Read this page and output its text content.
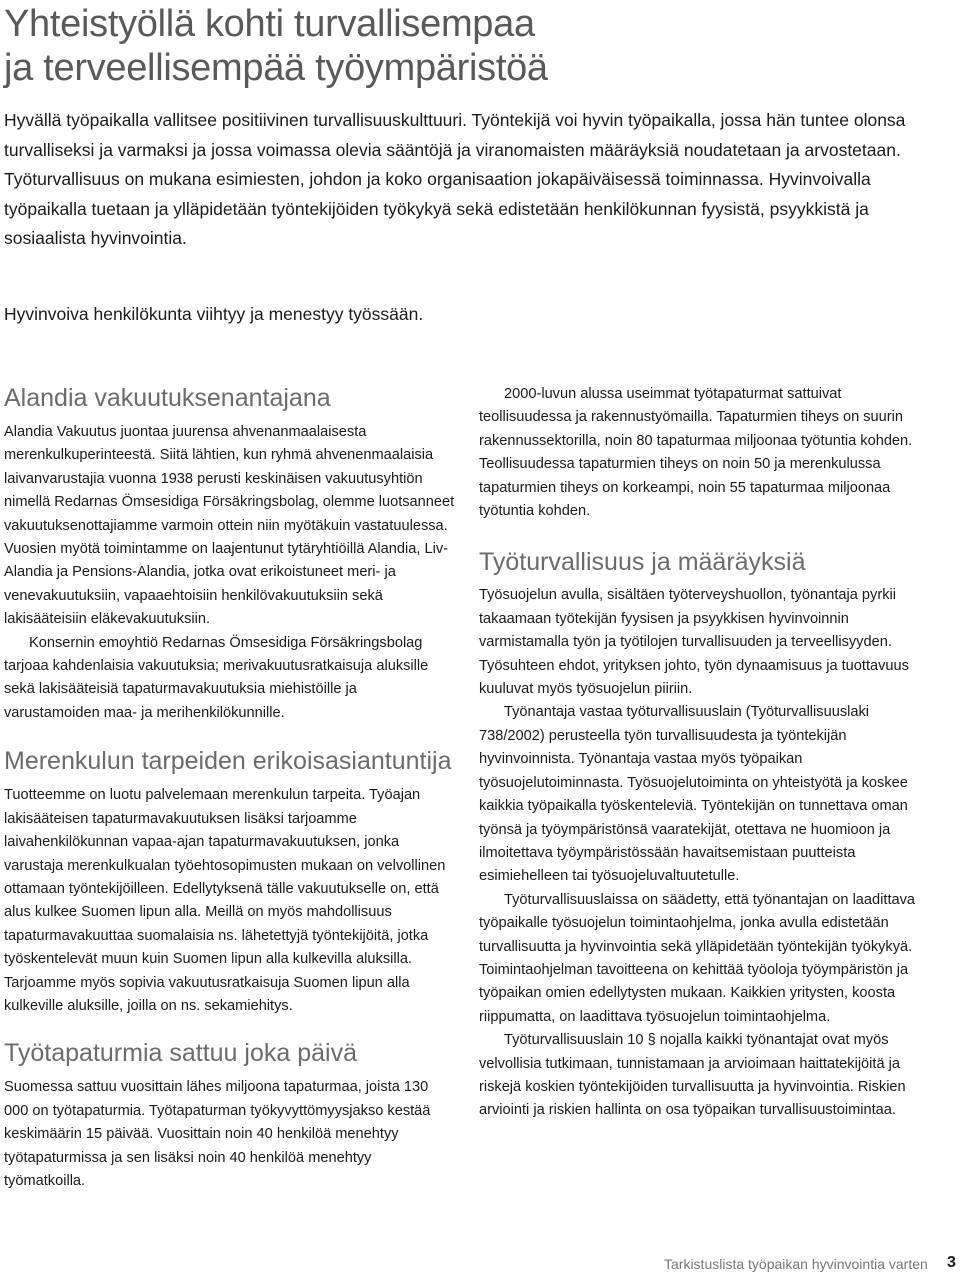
Yhteistyöllä kohti turvallisempaa
ja terveellisempää työympäristöä

Hyvällä työpaikalla vallitsee positiivinen turvallisuuskulttuuri. Työntekijä voi hyvin työpaikalla, jossa hän tuntee olonsa turvalliseksi ja varmaksi ja jossa voimassa olevia sääntöjä ja viranomaisten määräyksiä noudatetaan ja arvostetaan. Työturvallisuus on mukana esimiesten, johdon ja koko organisaation jokapäiväisessä toiminnassa. Hyvinvoivalla työpaikalla tuetaan ja ylläpidetään työntekijöiden työkykyä sekä edistetään henkilökunnan fyysistä, psyykkistä ja sosiaalista hyvinvointia.

Hyvinvoiva henkilökunta viihtyy ja menestyy työssään.

Alandia vakuutuksenantajana

Alandia Vakuutus juontaa juurensa ahvenanmaalaisesta merenkulkuperinteestä. Siitä lähtien, kun ryhmä ahvenenmaalaisia laivanvarustajia vuonna 1938 perusti keskinäisen vakuutusyhtiön nimellä Redarnas Ömsesidiga Försäkringsbolag, olemme luotsanneet vakuutuksenottajiamme varmoin ottein niin myötäkuin vastatuulessa. Vuosien myötä toimintamme on laajentunut tytäryhtiöillä Alandia, Liv-Alandia ja Pensions-Alandia, jotka ovat erikoistuneet meri- ja venevakuutuksiin, vapaaehtoisiin henkilövakuutuksiin sekä lakisääteisiin eläkevakuutuksiin.

Konsernin emoyhtiö Redarnas Ömsesidiga Försäkringsbolag tarjoaa kahdenlaisia vakuutuksia; merivakuutusratkaisuja aluksille sekä lakisääteisiä tapaturmavakuutuksia miehistöille ja varustamoiden maa- ja merihenkilökunnille.

Merenkulun tarpeiden erikoisasiantuntija

Tuotteemme on luotu palvelemaan merenkulun tarpeita. Työajan lakisääteisen tapaturmavakuutuksen lisäksi tarjoamme laivahenkilökunnan vapaa-ajan tapaturmavakuutuksen, jonka varustaja merenkulkualan työehtosopimusten mukaan on velvollinen ottamaan työntekijöilleen. Edellytyksenä tälle vakuutukselle on, että alus kulkee Suomen lipun alla. Meillä on myös mahdollisuus tapaturmavakuuttaa suomalaisia ns. lähetettyjä työntekijöitä, jotka työskentelevät muun kuin Suomen lipun alla kulkevilla aluksilla. Tarjoamme myös sopivia vakuutusratkaisuja Suomen lipun alla kulkeville aluksille, joilla on ns. sekamiehitys.

Työtapaturmia sattuu joka päivä

Suomessa sattuu vuosittain lähes miljoona tapaturmaa, joista 130 000 on työtapaturmia. Työtapaturman työkyvyttömyysjakso kestää keskimäärin 15 päivää. Vuosittain noin 40 henkilöä menehtyy työtapaturmissa ja sen lisäksi noin 40 henkilöä menehtyy työmatkoilla.

2000-luvun alussa useimmat työtapaturmat sattuivat teollisuudessa ja rakennustyömailla. Tapaturmien tiheys on suurin rakennussektorilla, noin 80 tapaturmaa miljoonaa työtuntia kohden. Teollisuudessa tapaturmien tiheys on noin 50 ja merenkulussa tapaturmien tiheys on korkeampi, noin 55 tapaturmaa miljoonaa työtuntia kohden.

Työturvallisuus ja määräyksiä

Työsuojelun avulla, sisältäen työterveyshuollon, työnantaja pyrkii takaamaan työtekijän fyysisen ja psyykkisen hyvinvoinnin varmistamalla työn ja työtilojen turvallisuuden ja terveellisyyden. Työsuhteen ehdot, yrityksen johto, työn dynaamisuus ja tuottavuus kuuluvat myös työsuojelun piiriin.

Työnantaja vastaa työturvallisuuslain (Työturvallisuuslaki 738/2002) perusteella työn turvallisuudesta ja työntekijän hyvinvoinnista. Työnantaja vastaa myös työpaikan työsuojelutoiminnasta. Työsuojelutoiminta on yhteistyötä ja koskee kaikkia työpaikalla työskenteleviä. Työntekijän on tunnettava oman työnsä ja työympäristönsä vaaratekijät, otettava ne huomioon ja ilmoitettava työympäristössään havaitsemistaan puutteista esimiehelleen tai työsuojeluvaltuutetulle.

Työturvallisuuslaissa on säädetty, että työnantajan on laadittava työpaikalle työsuojelun toimintaohjelma, jonka avulla edistetään turvallisuutta ja hyvinvointia sekä ylläpidetään työntekijän työkykyä. Toimintaohjelman tavoitteena on kehittää työoloja työympäristön ja työpaikan omien edellytysten mukaan. Kaikkien yritysten, koosta riippumatta, on laadittava työsuojelun toimintaohjelma.

Työturvallisuuslain 10 § nojalla kaikki työnantajat ovat myös velvollisia tutkimaan, tunnistamaan ja arvioimaan haittatekijöitä ja riskejä koskien työntekijöiden turvallisuutta ja hyvinvointia. Riskien arviointi ja riskien hallinta on osa työpaikan turvallisuustoimintaa.

Tarkistuslista työpaikan hyvinvointia varten 3
